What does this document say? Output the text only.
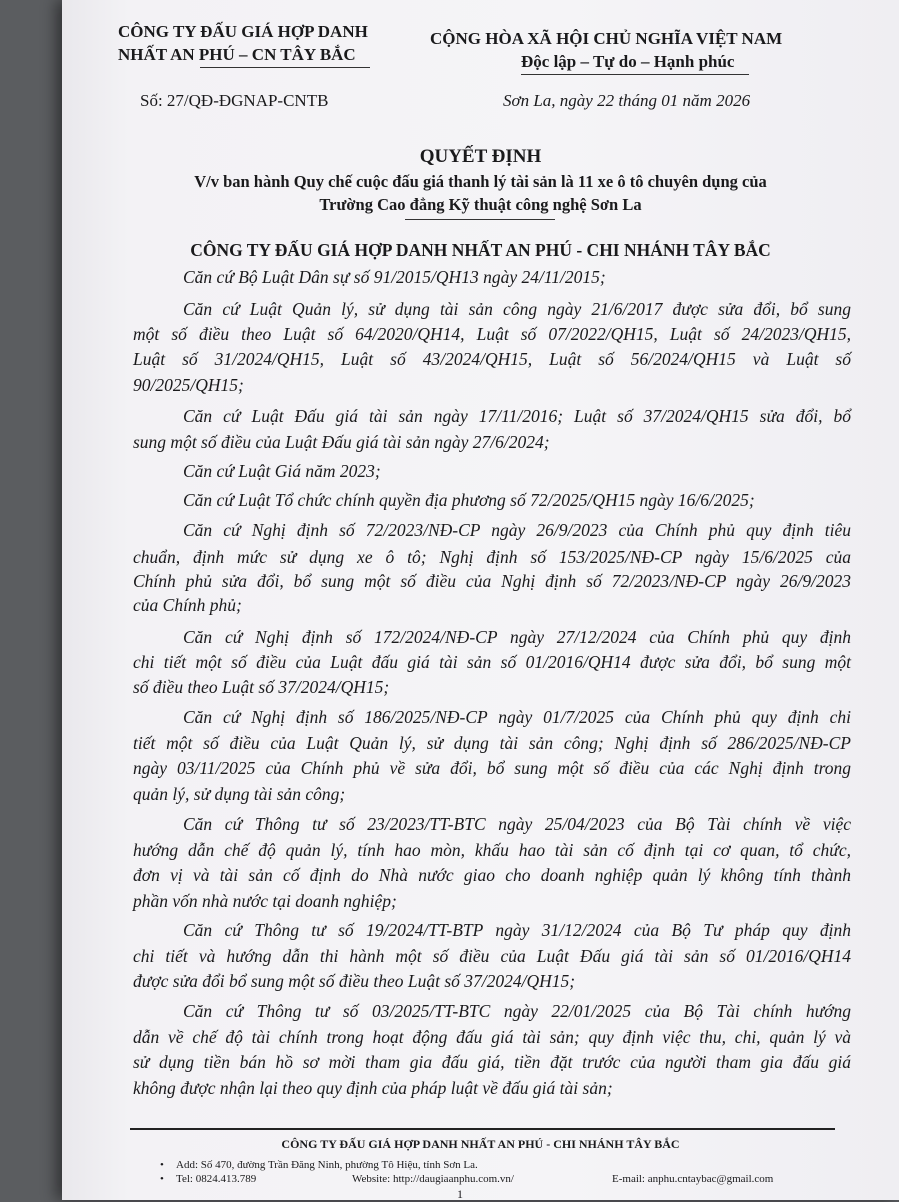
CÔNG TY ĐẤU GIÁ HỢP DANH
NHẤT AN PHÚ – CN TÂY BẮC
Số: 27/QĐ-ĐGNAP-CNTB
CỘNG HÒA XÃ HỘI CHỦ NGHĨA VIỆT NAM
Độc lập – Tự do – Hạnh phúc
Sơn La, ngày 22 tháng 01 năm 2026
QUYẾT ĐỊNH
V/v ban hành Quy chế cuộc đấu giá thanh lý tài sản là 11 xe ô tô chuyên dụng của
Trường Cao đẳng Kỹ thuật công nghệ Sơn La
CÔNG TY ĐẤU GIÁ HỢP DANH NHẤT AN PHÚ - CHI NHÁNH TÂY BẮC
Căn cứ Bộ Luật Dân sự số 91/2015/QH13 ngày 24/11/2015;
Căn cứ Luật Quản lý, sử dụng tài sản công ngày 21/6/2017 được sửa đổi, bổ sung
một số điều theo Luật số 64/2020/QH14, Luật số 07/2022/QH15, Luật số 24/2023/QH15,
Luật số 31/2024/QH15, Luật số 43/2024/QH15, Luật số 56/2024/QH15 và Luật số
90/2025/QH15;
Căn cứ Luật Đấu giá tài sản ngày 17/11/2016; Luật số 37/2024/QH15 sửa đổi, bổ
sung một số điều của Luật Đấu giá tài sản ngày 27/6/2024;
Căn cứ Luật Giá năm 2023;
Căn cứ Luật Tổ chức chính quyền địa phương số 72/2025/QH15 ngày 16/6/2025;
Căn cứ Nghị định số 72/2023/NĐ-CP ngày 26/9/2023 của Chính phủ quy định tiêu
chuẩn, định mức sử dụng xe ô tô; Nghị định số 153/2025/NĐ-CP ngày 15/6/2025 của
Chính phủ sửa đổi, bổ sung một số điều của Nghị định số 72/2023/NĐ-CP ngày 26/9/2023
của Chính phủ;
Căn cứ Nghị định số 172/2024/NĐ-CP ngày 27/12/2024 của Chính phủ quy định
chi tiết một số điều của Luật đấu giá tài sản số 01/2016/QH14 được sửa đổi, bổ sung một
số điều theo Luật số 37/2024/QH15;
Căn cứ Nghị định số 186/2025/NĐ-CP ngày 01/7/2025 của Chính phủ quy định chi
tiết một số điều của Luật Quản lý, sử dụng tài sản công; Nghị định số 286/2025/NĐ-CP
ngày 03/11/2025 của Chính phủ về sửa đổi, bổ sung một số điều của các Nghị định trong
quản lý, sử dụng tài sản công;
Căn cứ Thông tư số 23/2023/TT-BTC ngày 25/04/2023 của Bộ Tài chính về việc
hướng dẫn chế độ quản lý, tính hao mòn, khấu hao tài sản cố định tại cơ quan, tổ chức,
đơn vị và tài sản cố định do Nhà nước giao cho doanh nghiệp quản lý không tính thành
phần vốn nhà nước tại doanh nghiệp;
Căn cứ Thông tư số 19/2024/TT-BTP ngày 31/12/2024 của Bộ Tư pháp quy định
chi tiết và hướng dẫn thi hành một số điều của Luật Đấu giá tài sản số 01/2016/QH14
được sửa đổi bổ sung một số điều theo Luật số 37/2024/QH15;
Căn cứ Thông tư số 03/2025/TT-BTC ngày 22/01/2025 của Bộ Tài chính hướng
dẫn về chế độ tài chính trong hoạt động đấu giá tài sản; quy định việc thu, chi, quản lý và
sử dụng tiền bán hồ sơ mời tham gia đấu giá, tiền đặt trước của người tham gia đấu giá
không được nhận lại theo quy định của pháp luật về đấu giá tài sản;
CÔNG TY ĐẤU GIÁ HỢP DANH NHẤT AN PHÚ - CHI NHÁNH TÂY BẮC
• Add: Số 470, đường Trần Đăng Ninh, phường Tô Hiệu, tỉnh Sơn La.
• Tel: 0824.413.789	Website: http://daugiaanphu.com.vn/	E-mail: anphu.cntaybac@gmail.com
1
